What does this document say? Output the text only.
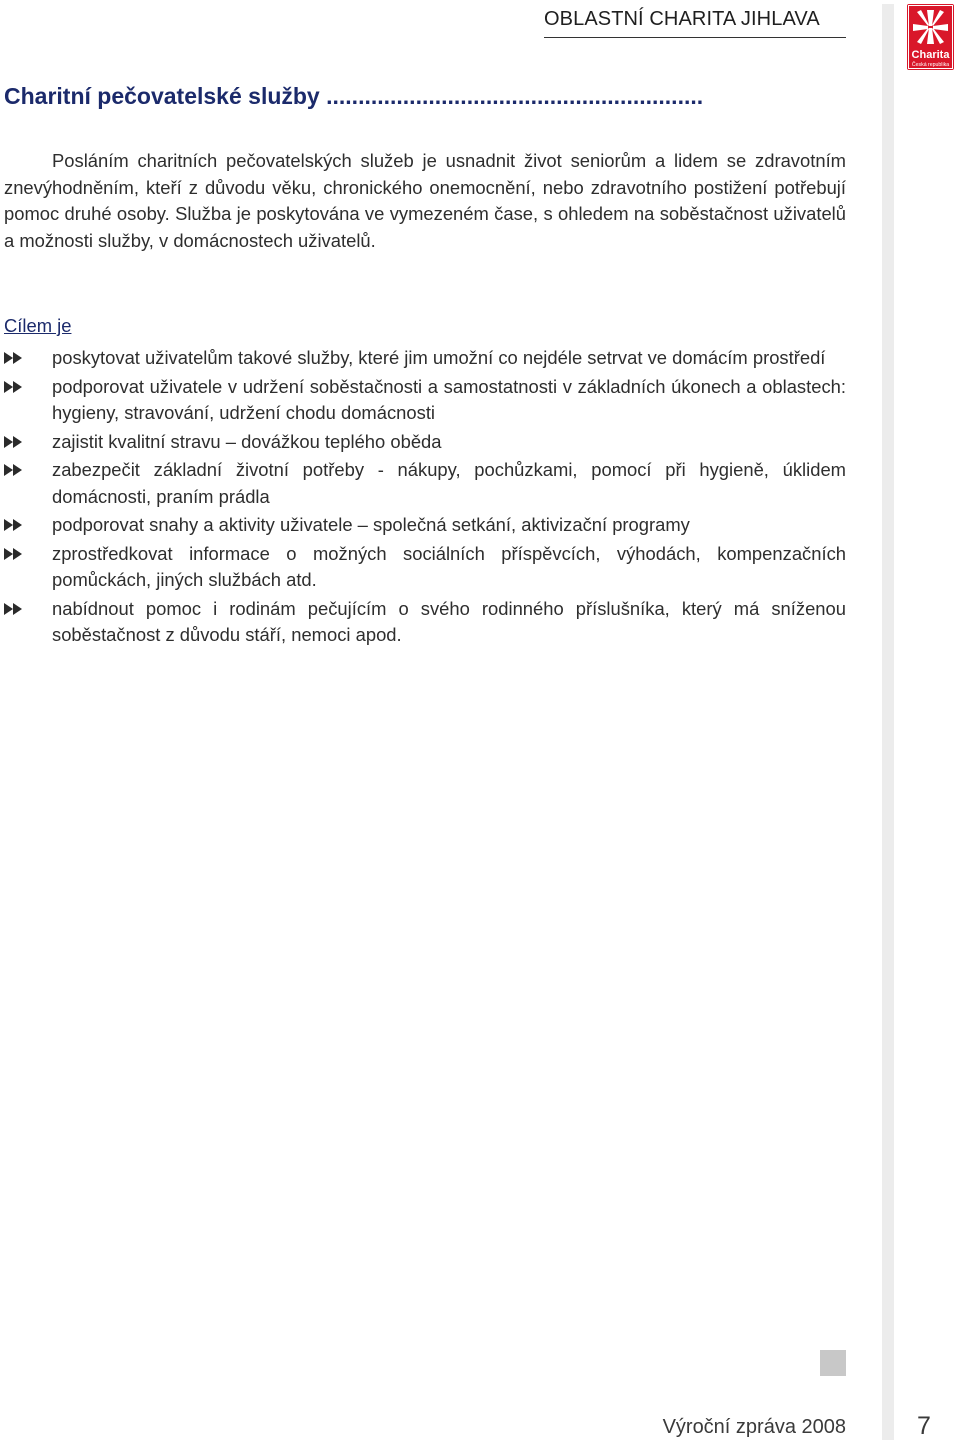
OBLASTNÍ CHARITA JIHLAVA
Charita
Česká republika
Charitní pečovatelské služby ...........................................................

Posláním charitních pečovatelských služeb je usnadnit život seniorům a lidem se zdravotním znevýhodněním, kteří z důvodu věku, chronického onemocnění, nebo zdravotního postižení potřebují pomoc druhé osoby. Služba je poskytována ve vymezeném čase, s ohledem na soběstačnost uživatelů a možnosti služby, v domácnostech uživatelů.

Cílem je

poskytovat uživatelům takové služby, které jim umožní co nejdéle setrvat ve domácím prostředí
podporovat uživatele v udržení soběstačnosti a samostatnosti v základních úkonech a oblastech: hygieny, stravování, udržení chodu domácnosti
zajistit kvalitní stravu – dovážkou teplého oběda
zabezpečit základní životní potřeby - nákupy, pochůzkami, pomocí při hygieně, úklidem domácnosti, praním prádla
podporovat snahy a aktivity uživatele – společná setkání, aktivizační programy
zprostředkovat informace o možných sociálních příspěvcích, výhodách, kompenzačních pomůckách, jiných službách atd.
nabídnout pomoc i rodinám pečujícím o svého rodinného příslušníka, který má sníženou soběstačnost z důvodu stáří, nemoci apod.
Výroční zpráva 2008	7
